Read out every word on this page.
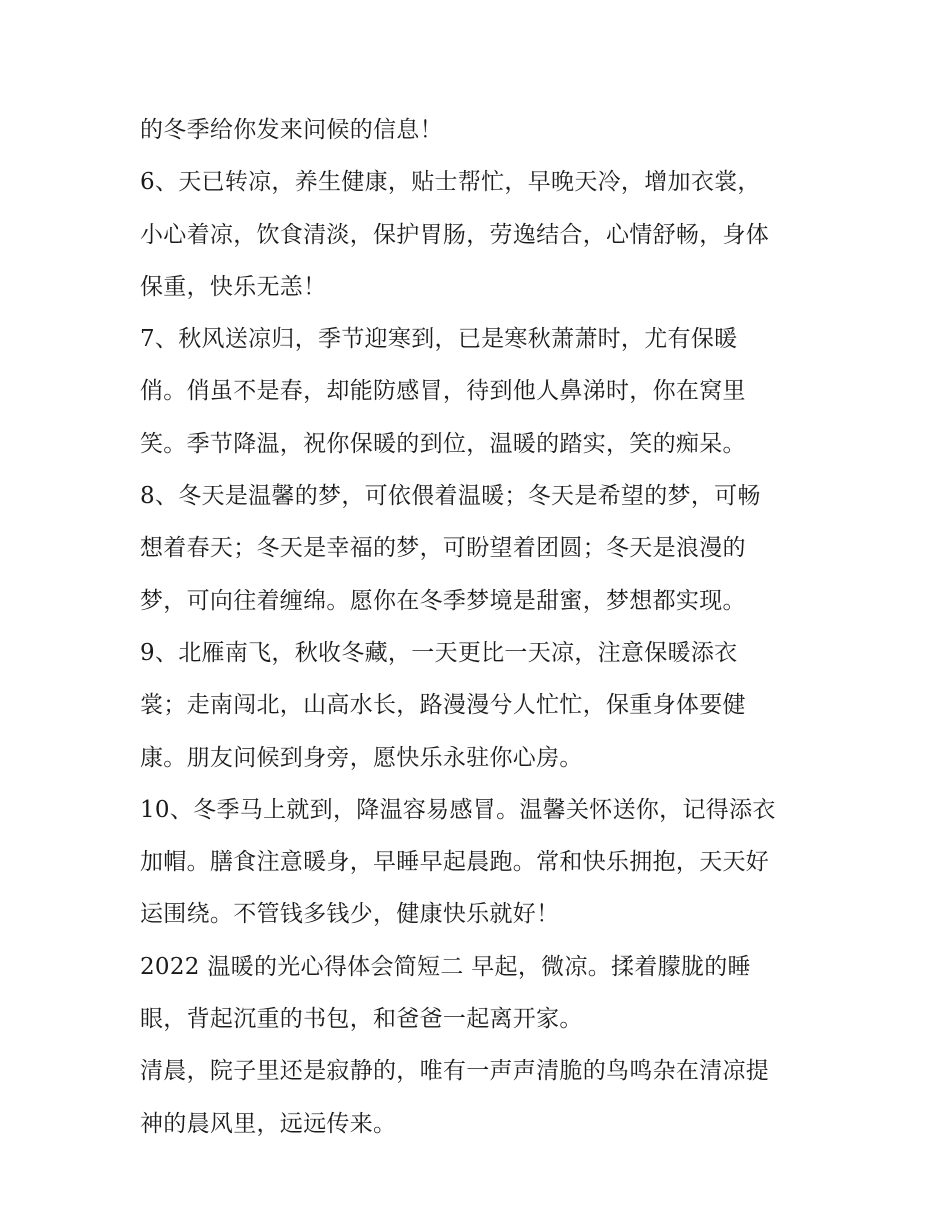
的冬季给你发来问候的信息！
6、天已转凉，养生健康，贴士帮忙，早晚天冷，增加衣裳，
小心着凉，饮食清淡，保护胃肠，劳逸结合，心情舒畅，身体
保重，快乐无恙！
7、秋风送凉归，季节迎寒到，已是寒秋萧萧时，尤有保暖
俏。俏虽不是春，却能防感冒，待到他人鼻涕时，你在窝里
笑。季节降温，祝你保暖的到位，温暖的踏实，笑的痴呆。
8、冬天是温馨的梦，可依偎着温暖；冬天是希望的梦，可畅
想着春天；冬天是幸福的梦，可盼望着团圆；冬天是浪漫的
梦，可向往着缠绵。愿你在冬季梦境是甜蜜，梦想都实现。
9、北雁南飞，秋收冬藏，一天更比一天凉，注意保暖添衣
裳；走南闯北，山高水长，路漫漫兮人忙忙，保重身体要健
康。朋友问候到身旁，愿快乐永驻你心房。
10、冬季马上就到，降温容易感冒。温馨关怀送你，记得添衣
加帽。膳食注意暖身，早睡早起晨跑。常和快乐拥抱，天天好
运围绕。不管钱多钱少，健康快乐就好！
2022 温暖的光心得体会简短二 早起，微凉。揉着朦胧的睡
眼，背起沉重的书包，和爸爸一起离开家。
清晨，院子里还是寂静的，唯有一声声清脆的鸟鸣杂在清凉提
神的晨风里，远远传来。
